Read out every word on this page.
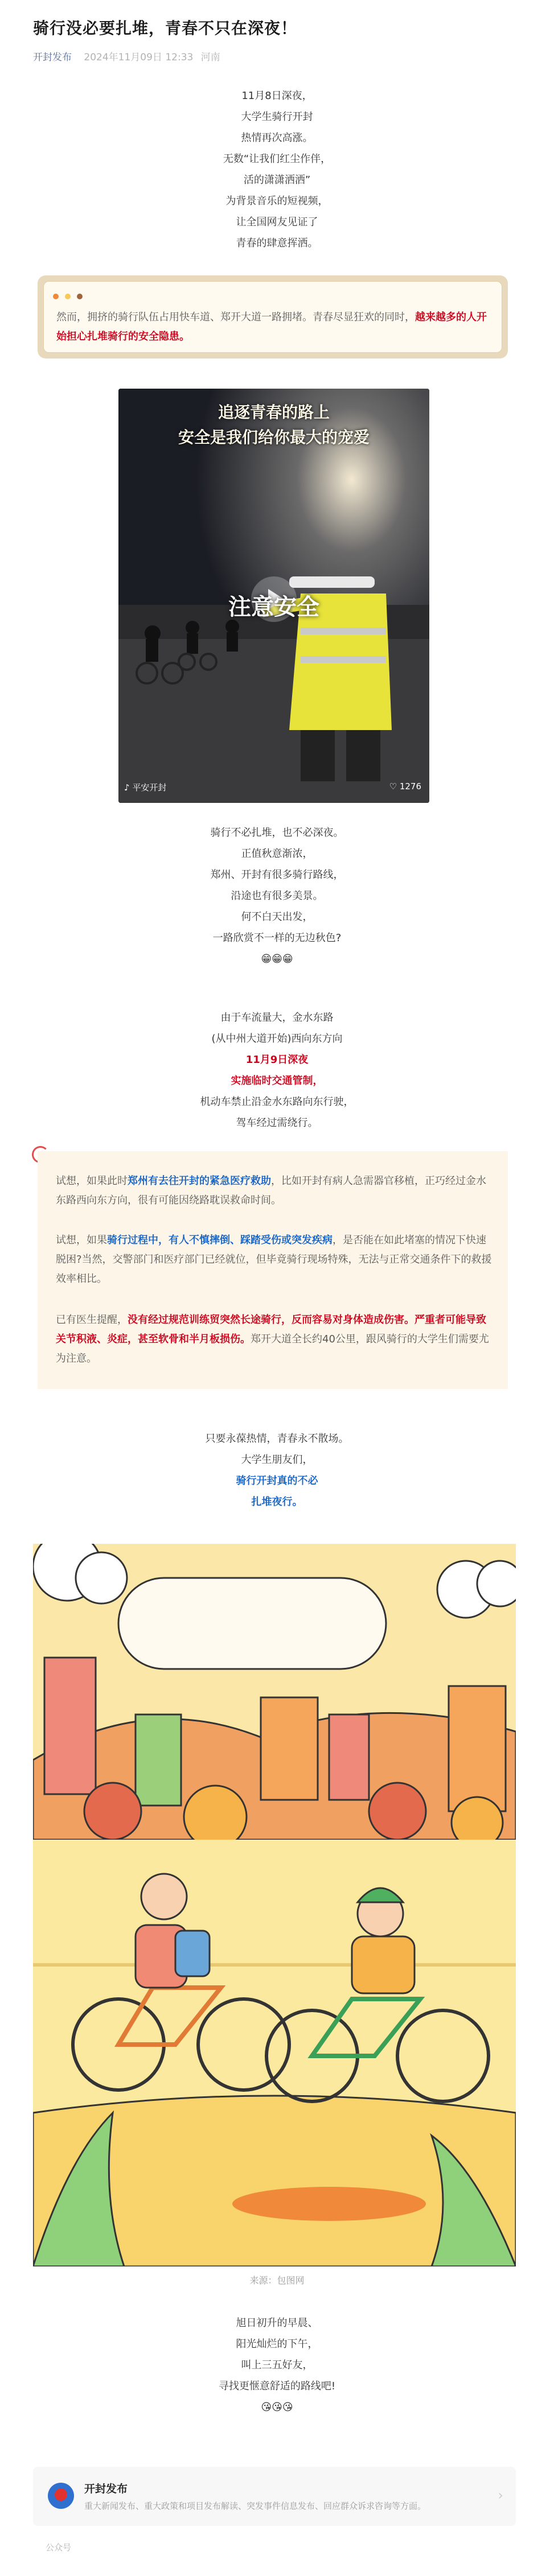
骑行没必要扎堆，青春不只在深夜！
开封发布 2024年11月09日 12:33 河南
11月8日深夜，
大学生骑行开封
热情再次高涨。
无数“让我们红尘作伴，
活的潇潇洒洒”
为背景音乐的短视频，
让全国网友见证了
青春的肆意挥洒。

然而，拥挤的骑行队伍占用快车道、郑开大道一路拥堵。青春尽显狂欢的同时，越来越多的人开始担心扎堆骑行的安全隐患。
追逐青春的路上
安全是我们给你最大的宠爱
注意安全
♪ 平安开封	♡ 1276
骑行不必扎堆，也不必深夜。
正值秋意渐浓，
郑州、开封有很多骑行路线，
沿途也有很多美景。
何不白天出发，
一路欣赏不一样的无边秋色?
😁😁😁
由于车流量大，金水东路
(从中州大道开始)西向东方向
11月9日深夜
实施临时交通管制，
机动车禁止沿金水东路向东行驶，
驾车经过需绕行。

试想，如果此时郑州有去往开封的紧急医疗救助，比如开封有病人急需器官移植，正巧经过金水东路西向东方向，很有可能因绕路耽误救命时间。

试想，如果骑行过程中，有人不慎摔倒、踩踏受伤或突发疾病，是否能在如此堵塞的情况下快速脱困?当然，交警部门和医疗部门已经就位，但毕竟骑行现场特殊，无法与正常交通条件下的救援效率相比。

已有医生提醒，没有经过规范训练贸突然长途骑行，反而容易对身体造成伤害。严重者可能导致关节积液、炎症，甚至软骨和半月板损伤。郑开大道全长约40公里，跟风骑行的大学生们需要尤为注意。

只要永葆热情，青春永不散场。
大学生朋友们，
骑行开封真的不必
扎堆夜行。
来源：包图网
旭日初升的早晨、
阳光灿烂的下午，
叫上三五好友，
寻找更惬意舒适的路线吧!
😘😘😘
开封发布
重大新闻发布、重大政策和项目发布解读、突发事件信息发布、回应群众诉求咨询等方面。
›
公众号
